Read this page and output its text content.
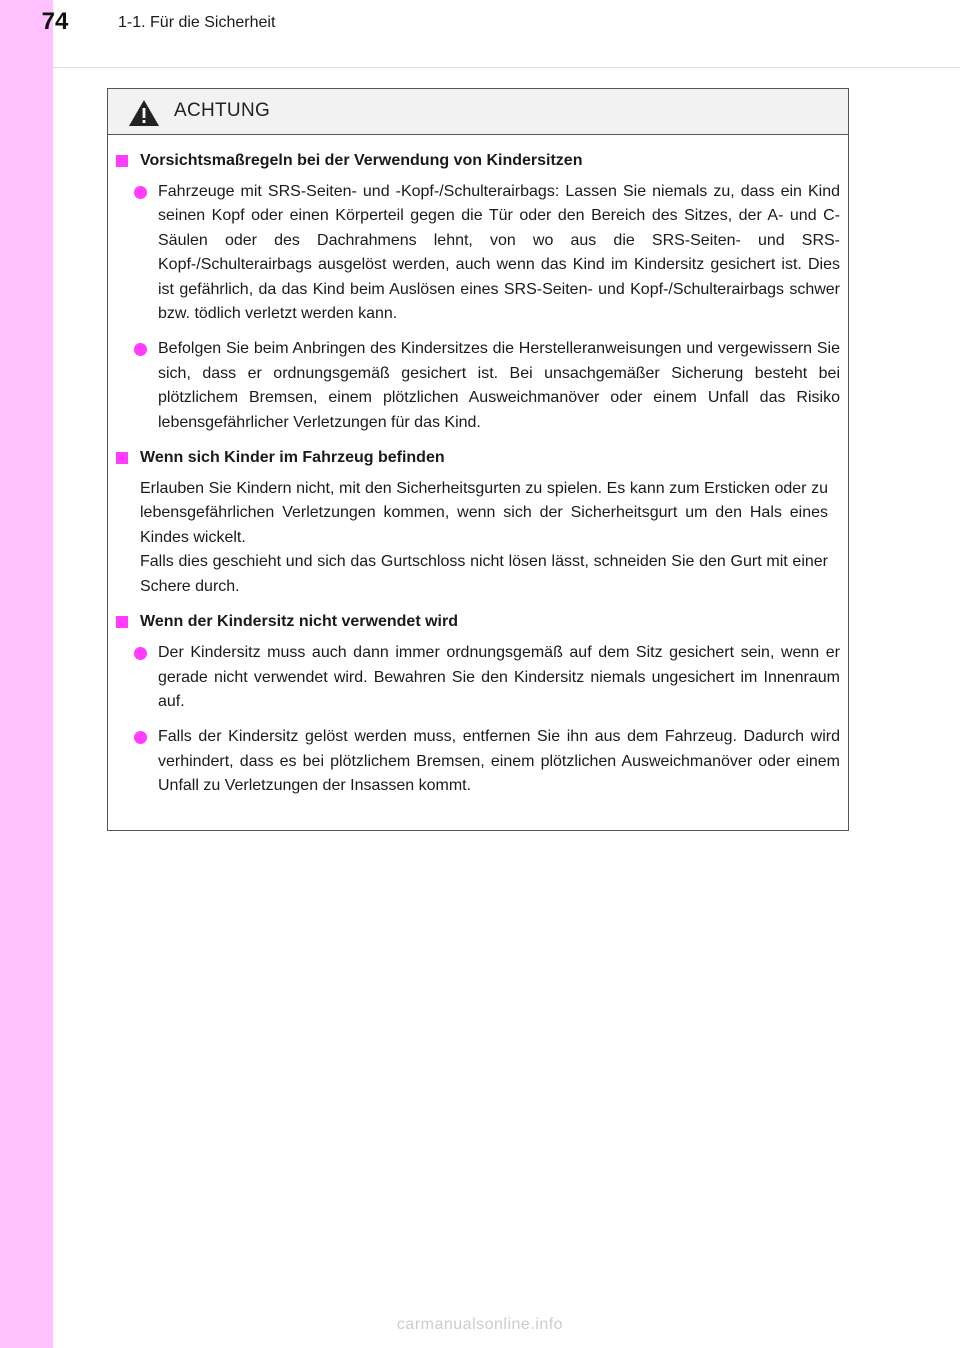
74	1-1. Für die Sicherheit
ACHTUNG
Vorsichtsmaßregeln bei der Verwendung von Kindersitzen
Fahrzeuge mit SRS-Seiten- und -Kopf-/Schulterairbags: Lassen Sie niemals zu, dass ein Kind seinen Kopf oder einen Körperteil gegen die Tür oder den Bereich des Sitzes, der A- und C-Säulen oder des Dachrahmens lehnt, von wo aus die SRS-Seiten- und SRS-Kopf-/Schulterairbags ausgelöst werden, auch wenn das Kind im Kindersitz gesichert ist. Dies ist gefährlich, da das Kind beim Auslösen eines SRS-Seiten- und Kopf-/Schulterairbags schwer bzw. tödlich verletzt werden kann.
Befolgen Sie beim Anbringen des Kindersitzes die Herstelleranweisungen und vergewissern Sie sich, dass er ordnungsgemäß gesichert ist. Bei unsachgemäßer Sicherung besteht bei plötzlichem Bremsen, einem plötzlichen Ausweichmanöver oder einem Unfall das Risiko lebensgefährlicher Verletzungen für das Kind.
Wenn sich Kinder im Fahrzeug befinden
Erlauben Sie Kindern nicht, mit den Sicherheitsgurten zu spielen. Es kann zum Ersticken oder zu lebensgefährlichen Verletzungen kommen, wenn sich der Sicherheitsgurt um den Hals eines Kindes wickelt.
Falls dies geschieht und sich das Gurtschloss nicht lösen lässt, schneiden Sie den Gurt mit einer Schere durch.
Wenn der Kindersitz nicht verwendet wird
Der Kindersitz muss auch dann immer ordnungsgemäß auf dem Sitz gesichert sein, wenn er gerade nicht verwendet wird. Bewahren Sie den Kindersitz niemals ungesichert im Innenraum auf.
Falls der Kindersitz gelöst werden muss, entfernen Sie ihn aus dem Fahrzeug. Dadurch wird verhindert, dass es bei plötzlichem Bremsen, einem plötzlichen Ausweichmanöver oder einem Unfall zu Verletzungen der Insassen kommt.
carmanualsonline.info
